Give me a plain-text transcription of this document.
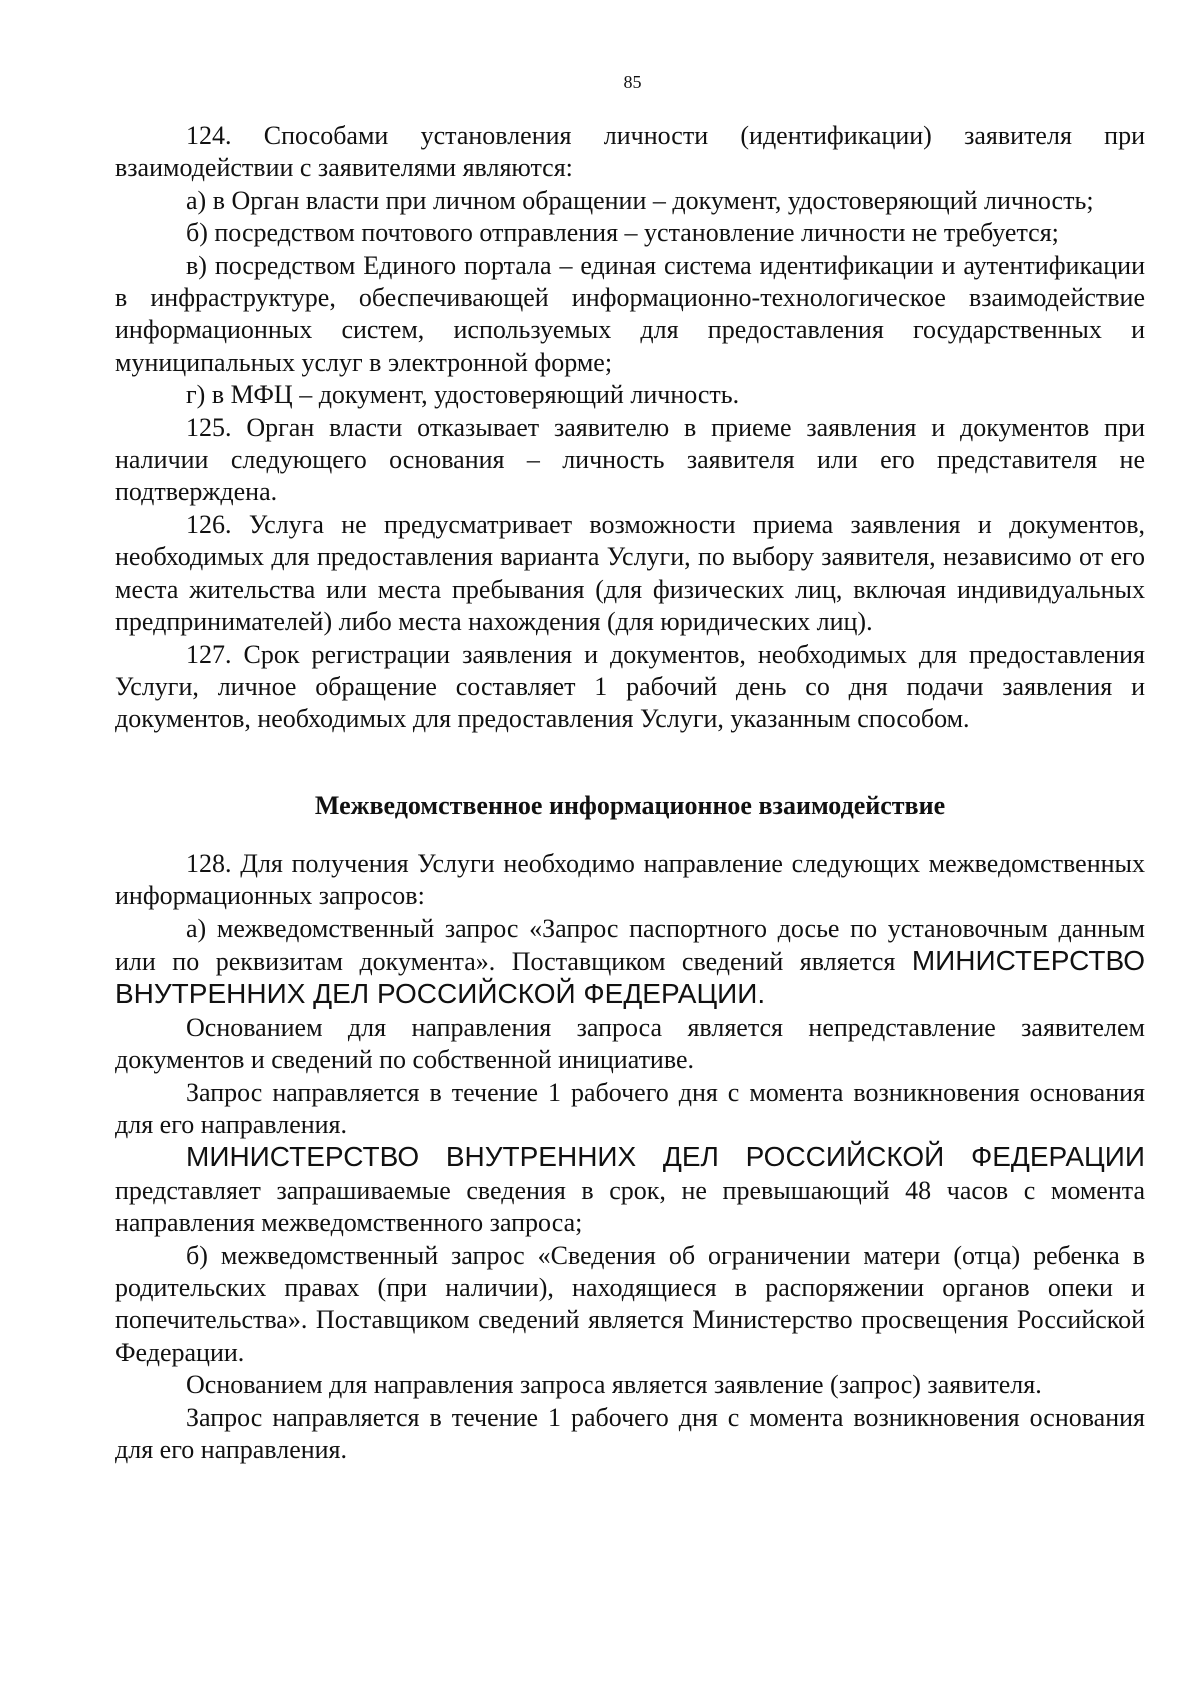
85

124. Способами установления личности (идентификации) заявителя при взаимодействии с заявителями являются:

а) в Орган власти при личном обращении – документ, удостоверяющий личность;

б) посредством почтового отправления – установление личности не требуется;

в) посредством Единого портала – единая система идентификации и аутентификации в инфраструктуре, обеспечивающей информационно-технологическое взаимодействие информационных систем, используемых для предоставления государственных и муниципальных услуг в электронной форме;

г) в МФЦ – документ, удостоверяющий личность.

125. Орган власти отказывает заявителю в приеме заявления и документов при наличии следующего основания – личность заявителя или его представителя не подтверждена.

126. Услуга не предусматривает возможности приема заявления и документов, необходимых для предоставления варианта Услуги, по выбору заявителя, независимо от его места жительства или места пребывания (для физических лиц, включая индивидуальных предпринимателей) либо места нахождения (для юридических лиц).

127. Срок регистрации заявления и документов, необходимых для предоставления Услуги, личное обращение составляет 1 рабочий день со дня подачи заявления и документов, необходимых для предоставления Услуги, указанным способом.

Межведомственное информационное взаимодействие

128. Для получения Услуги необходимо направление следующих межведомственных информационных запросов:

а) межведомственный запрос «Запрос паспортного досье по установочным данным или по реквизитам документа». Поставщиком сведений является МИНИСТЕРСТВО ВНУТРЕННИХ ДЕЛ РОССИЙСКОЙ ФЕДЕРАЦИИ.

Основанием для направления запроса является непредставление заявителем документов и сведений по собственной инициативе.

Запрос направляется в течение 1 рабочего дня с момента возникновения основания для его направления.

МИНИСТЕРСТВО ВНУТРЕННИХ ДЕЛ РОССИЙСКОЙ ФЕДЕРАЦИИ представляет запрашиваемые сведения в срок, не превышающий 48 часов с момента направления межведомственного запроса;

б) межведомственный запрос «Сведения об ограничении матери (отца) ребенка в родительских правах (при наличии), находящиеся в распоряжении органов опеки и попечительства». Поставщиком сведений является Министерство просвещения Российской Федерации.

Основанием для направления запроса является заявление (запрос) заявителя.

Запрос направляется в течение 1 рабочего дня с момента возникновения основания для его направления.
